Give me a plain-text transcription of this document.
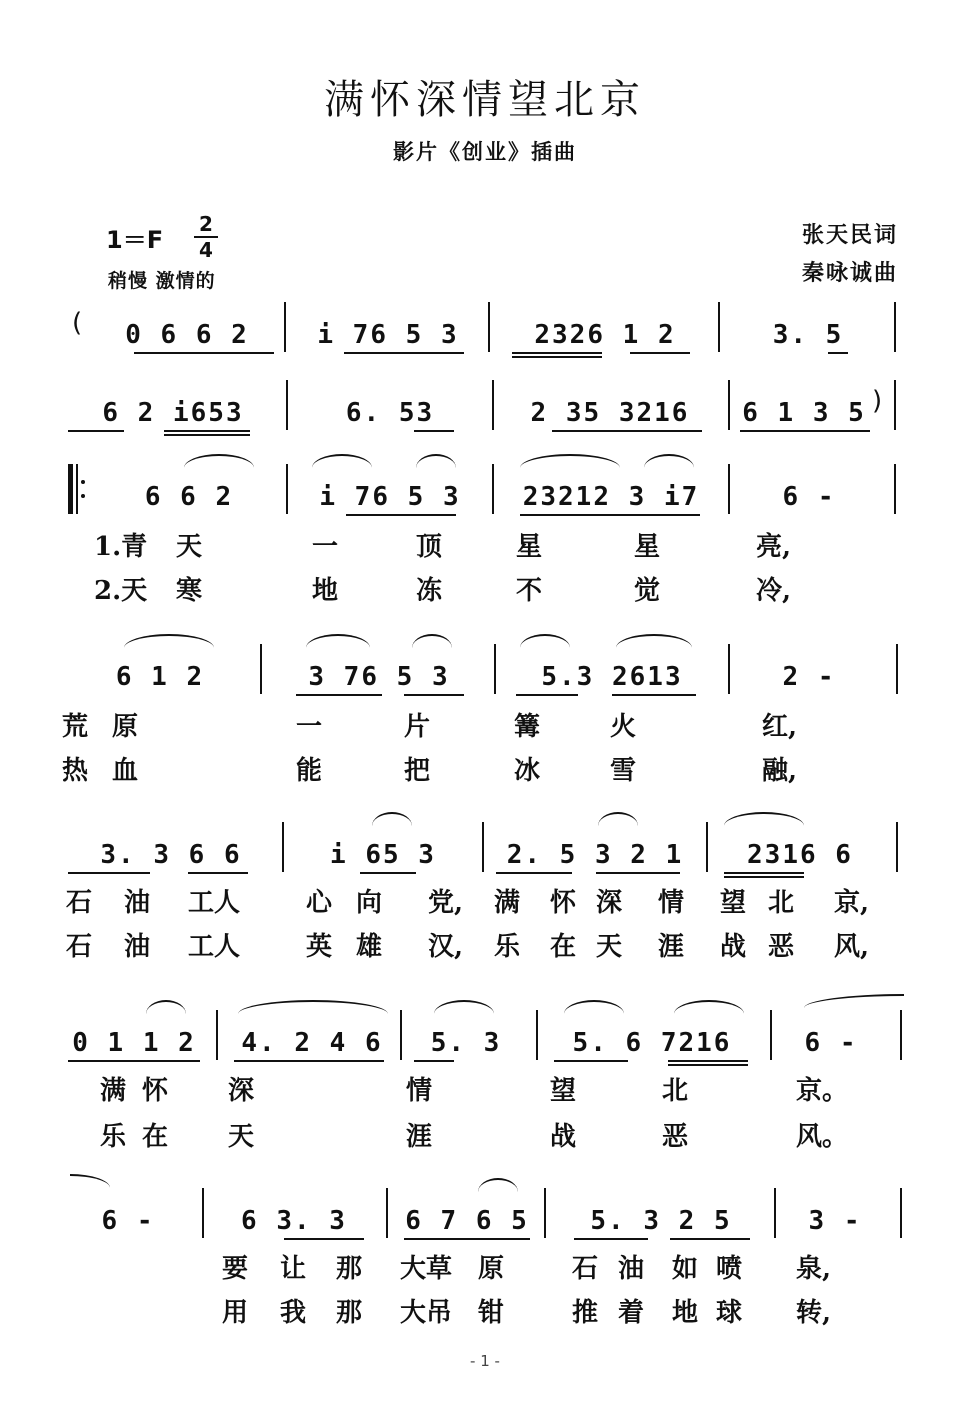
满怀深情望北京
影片《创业》插曲
1＝F
2
4
稍慢 激情的
张天民词
秦咏诚曲
(	0 6 6 2	i 76 5 3	2326 1 2	3. 5
6 2 i653	6. 53	2 35 3216	6 1 3 5 )
6 6 2	i 76 5 3	23212 3 i7	6 -
1.青 天	一	顶	星	星	亮,
2.天 寒	地	冻	不	觉	冷,
6 1 2	3 76 5 3	5.3 2613	2 -
荒 原	一	片	篝	火	红,
热 血	能	把	冰	雪	融,
3. 3 6 6	i 65 3	2. 5 3 2 1	2316 6
石 油 工人	心 向 党, 满 怀 深 情 望 北 京,
石 油 工人	英 雄 汉, 乐 在 天 涯 战 恶 风,
0 1 1 2	4. 2 4 6	5. 3	5. 6 7216	6 -
满 怀 深	情	望	北	京。
乐 在 天	涯	战	恶	风。
6 -	6 3. 3	6 7 6 5	5. 3 2 5	3 -
要 让 那 大草 原	石 油 如 喷 泉,
用 我 那 大吊 钳	推 着 地 球 转,
- 1 -
